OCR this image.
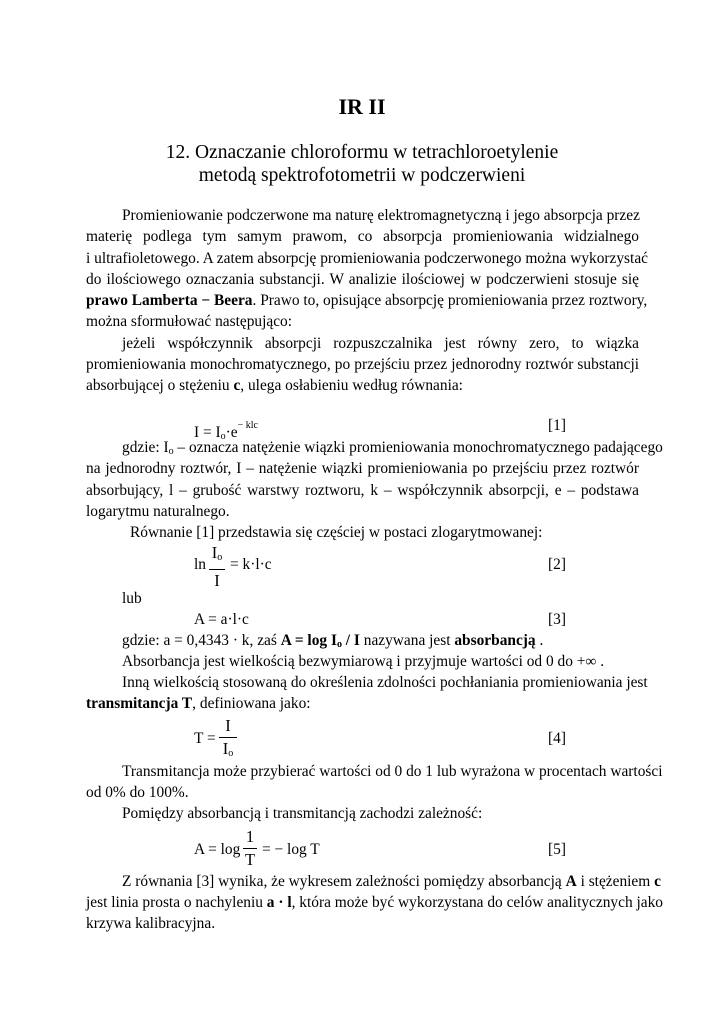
IR II
12. Oznaczanie chloroformu w tetrachloroetylenie
metodą spektrofotometrii w podczerwieni
Promieniowanie podczerwone ma naturę elektromagnetyczną i jego absorpcja przez
materię podlega tym samym prawom, co absorpcja promieniowania widzialnego
i ultrafioletowego. A zatem absorpcję promieniowania podczerwonego można wykorzystać
do ilościowego oznaczania substancji. W analizie ilościowej w podczerwieni stosuje się
prawo Lamberta − Beera. Prawo to, opisujące absorpcję promieniowania przez roztwory,
można sformułować następująco:
jeżeli współczynnik absorpcji rozpuszczalnika jest równy zero, to wiązka
promieniowania monochromatycznego, po przejściu przez jednorodny roztwór substancji
absorbującej o stężeniu c, ulega osłabieniu według równania:
$I = I_o\cdot e^{- klc}$	[1]
gdzie: $I_o$ – oznacza natężenie wiązki promieniowania monochromatycznego padającego
na jednorodny roztwór, I – natężenie wiązki promieniowania po przejściu przez roztwór
absorbujący, l – grubość warstwy roztworu, k – współczynnik absorpcji, e – podstawa
logarytmu naturalnego.
Równanie [1] przedstawia się częściej w postaci zlogarytmowanej:
ln
$I_o$
I
= k·l·c	[2]
lub
A = a·l·c	[3]
gdzie: a = 0,4343 · k, zaś $A = \log I_o / I$ nazywana jest absorbancją .
Absorbancja jest wielkością bezwymiarową i przyjmuje wartości od 0 do +∞ .
Inną wielkością stosowaną do określenia zdolności pochłaniania promieniowania jest
transmitancja T, definiowana jako:
T =
I
$I_o$
[4]
Transmitancja może przybierać wartości od 0 do 1 lub wyrażona w procentach wartości
od 0% do 100%.
Pomiędzy absorbancją i transmitancją zachodzi zależność:
A = log
1
T
= − log T	[5]
Z równania [3] wynika, że wykresem zależności pomiędzy absorbancją A i stężeniem c
jest linia prosta o nachyleniu a · l, która może być wykorzystana do celów analitycznych jako
krzywa kalibracyjna.
